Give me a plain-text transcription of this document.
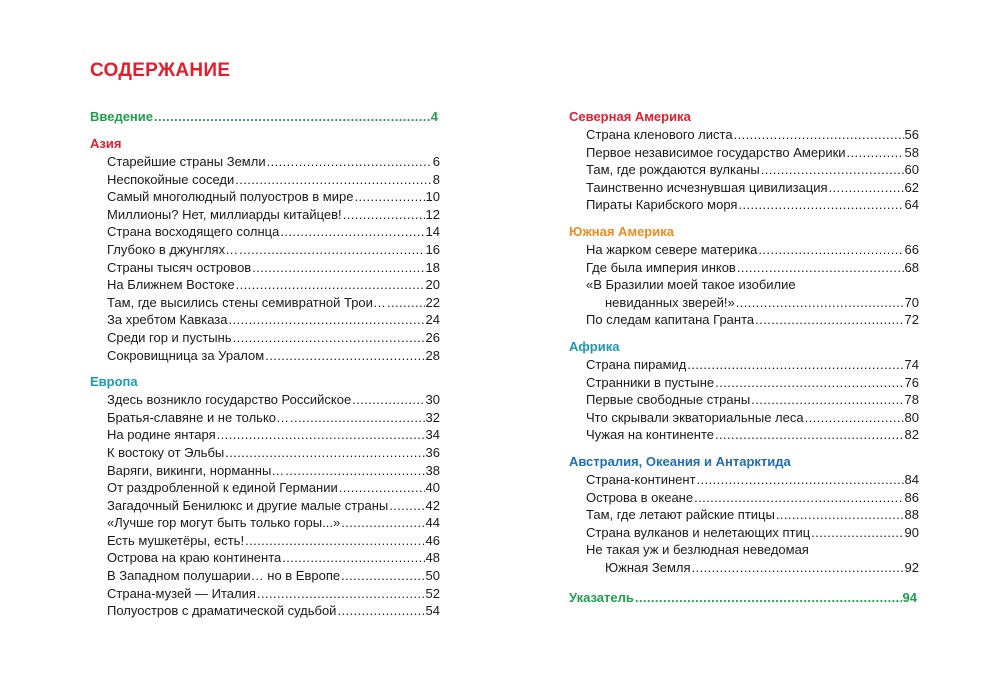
СОДЕРЖАНИЕ
Введение .....	4
Азия
Старейшие страны Земли .....	6
Неспокойные соседи .....	8
Самый многолюдный полуостров в мире .....	10
Миллионы? Нет, миллиарды китайцев! .....	12
Страна восходящего солнца .....	14
Глубоко в джунглях… .....	16
Страны тысяч островов .....	18
На Ближнем Востоке .....	20
Там, где высились стены семивратной Трои… .....	22
За хребтом Кавказа .....	24
Среди гор и пустынь .....	26
Сокровищница за Уралом .....	28
Европа
Здесь возникло государство Российское .....	30
Братья-славяне и не только… .....	32
На родине янтаря .....	34
К востоку от Эльбы .....	36
Варяги, викинги, норманны… .....	38
От раздробленной к единой Германии .....	40
Загадочный Бенилюкс и другие малые страны .....	42
«Лучше гор могут быть только горы...» .....	44
Есть мушкетёры, есть! .....	46
Острова на краю континента .....	48
В Западном полушарии… но в Европе .....	50
Страна-музей — Италия .....	52
Полуостров с драматической судьбой .....	54
Северная Америка
Страна кленового листа .....	56
Первое независимое государство Америки .....	58
Там, где рождаются вулканы .....	60
Таинственно исчезнувшая цивилизация .....	62
Пираты Карибского моря .....	64
Южная Америка
На жарком севере материка .....	66
Где была империя инков .....	68
«В Бразилии моей такое изобилие
невиданных зверей!» .....	70
По следам капитана Гранта .....	72
Африка
Страна пирамид .....	74
Странники в пустыне .....	76
Первые свободные страны .....	78
Что скрывали экваториальные леса .....	80
Чужая на континенте .....	82
Австралия, Океания и Антарктида
Страна-континент .....	84
Острова в океане .....	86
Там, где летают райские птицы .....	88
Страна вулканов и нелетающих птиц .....	90
Не такая уж и безлюдная неведомая
Южная Земля .....	92
Указатель .....	94
